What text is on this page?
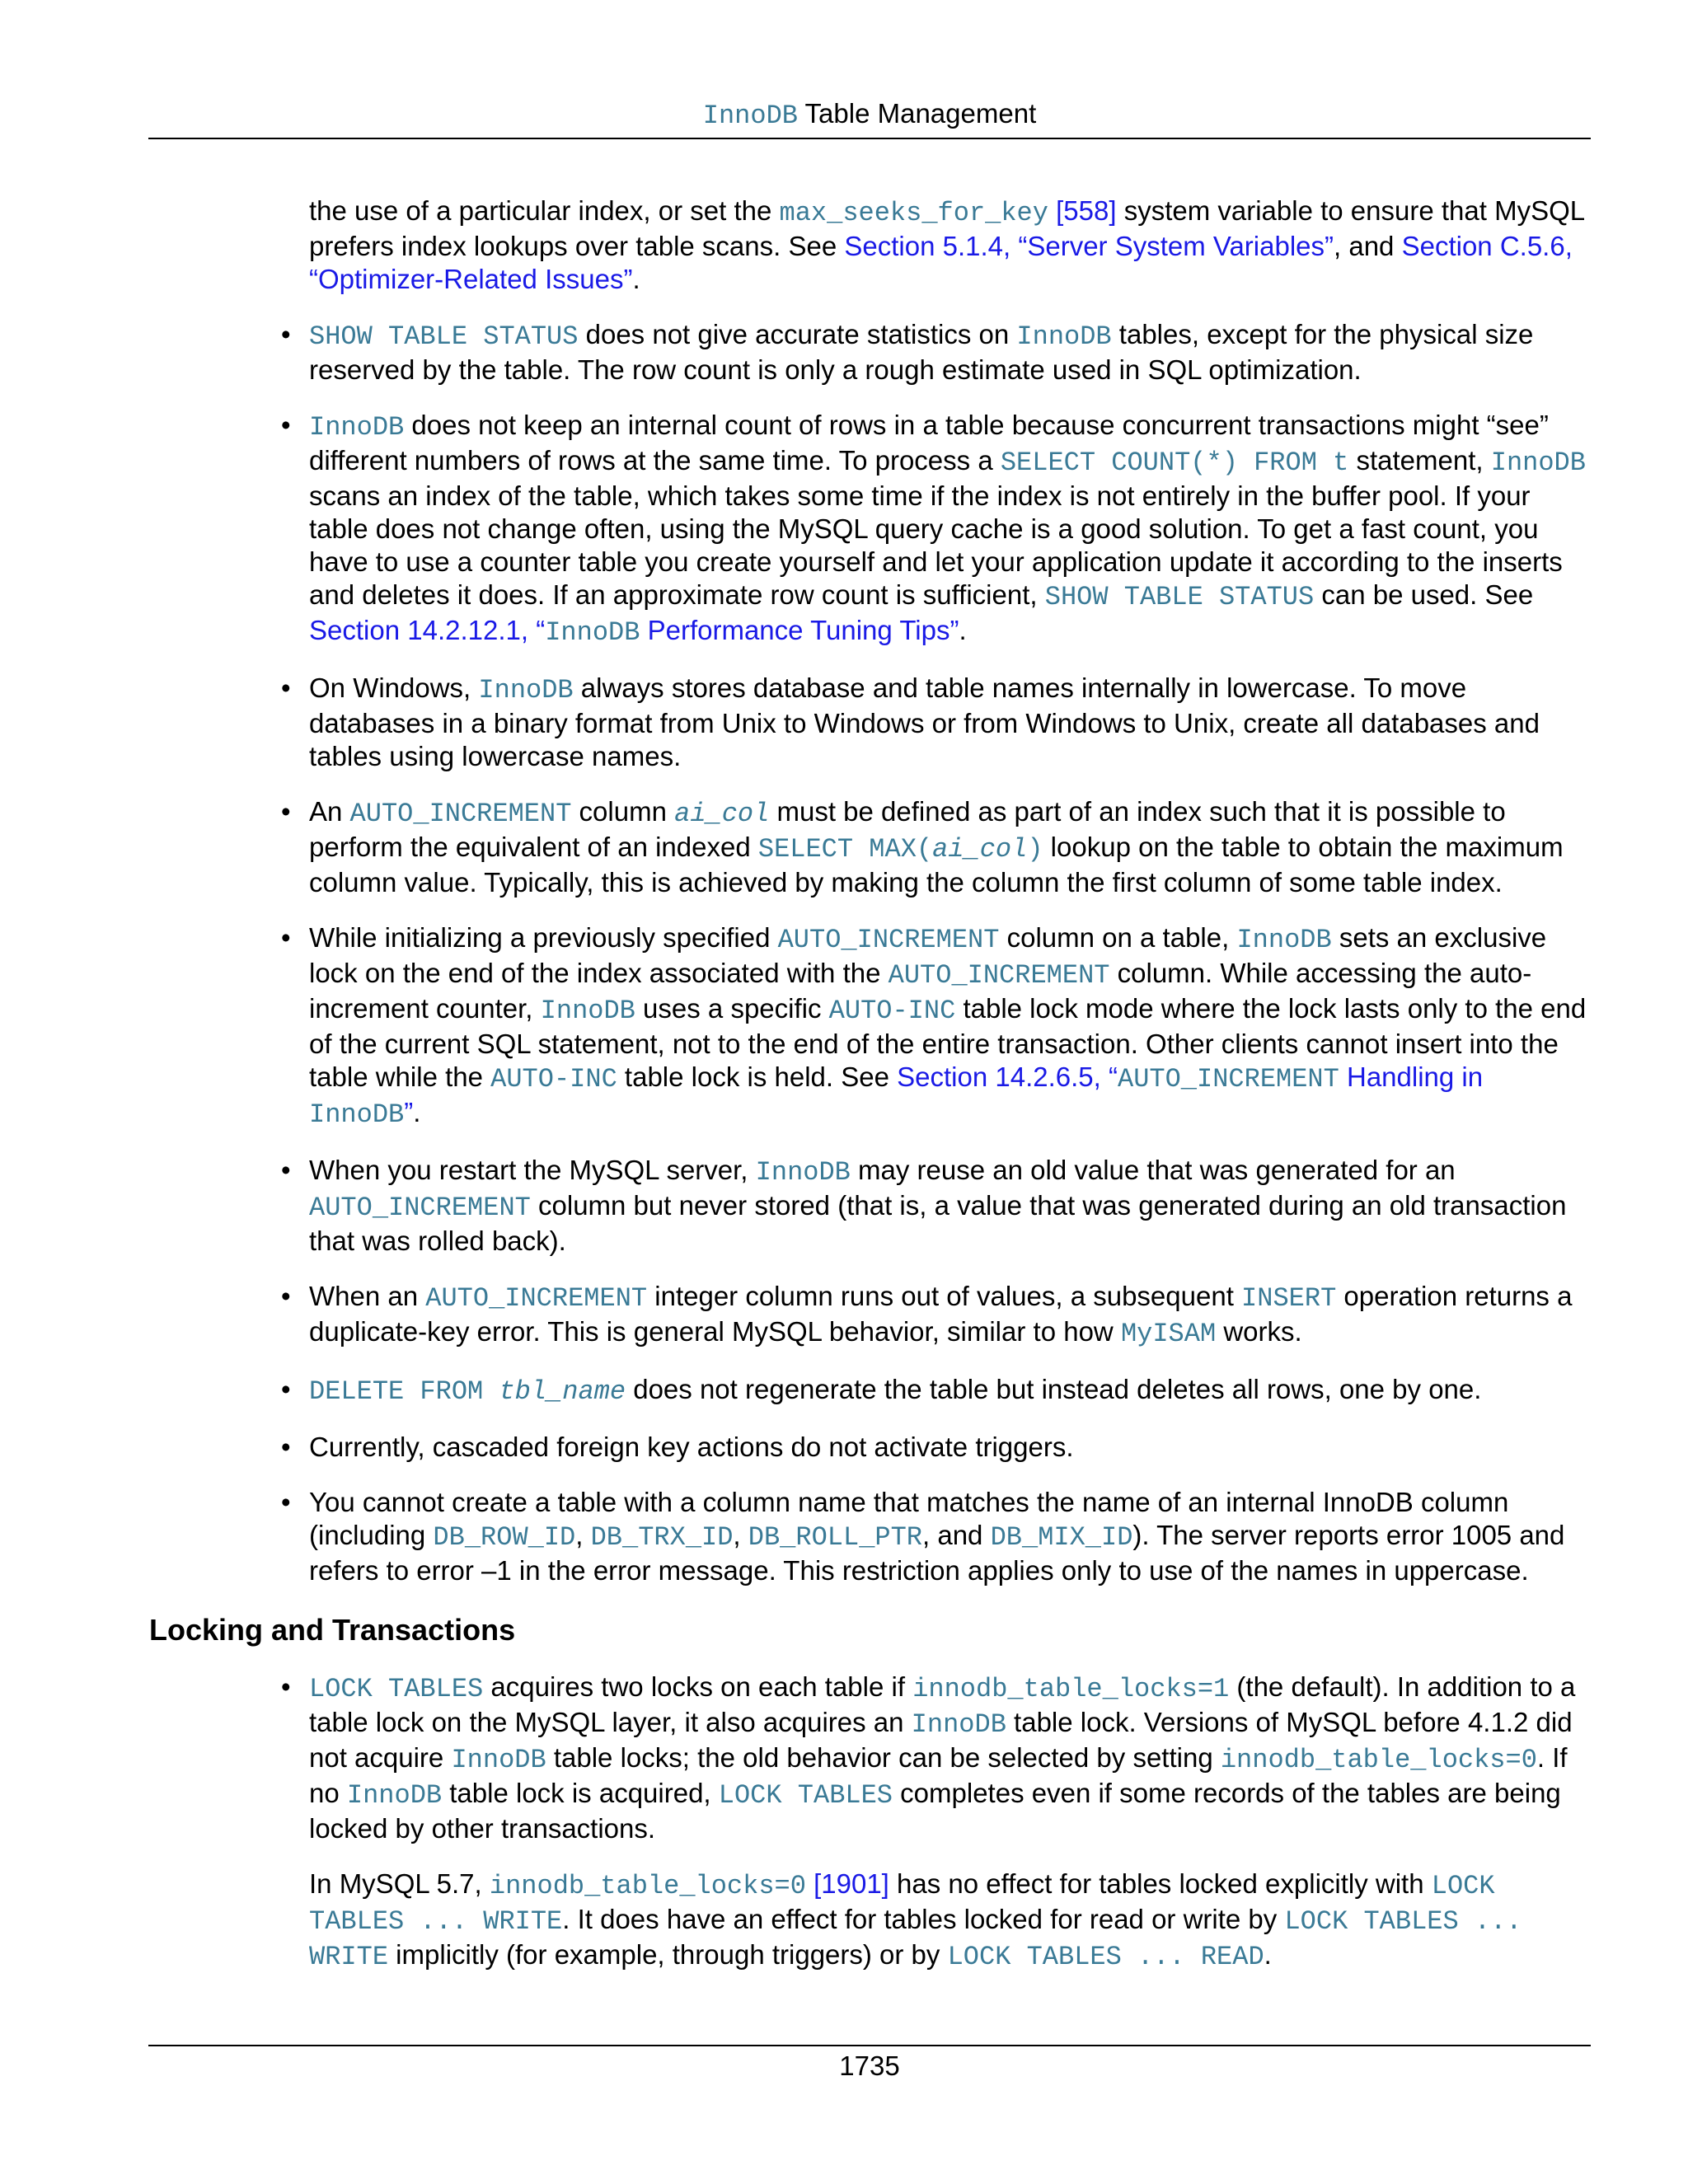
InnoDB Table Management

the use of a particular index, or set the max_seeks_for_key [558] system variable to ensure that MySQL prefers index lookups over table scans. See Section 5.1.4, “Server System Variables”, and Section C.5.6, “Optimizer-Related Issues”.

• SHOW TABLE STATUS does not give accurate statistics on InnoDB tables, except for the physical size reserved by the table. The row count is only a rough estimate used in SQL optimization.
• InnoDB does not keep an internal count of rows in a table because concurrent transactions might “see” different numbers of rows at the same time. To process a SELECT COUNT(*) FROM t statement, InnoDB scans an index of the table, which takes some time if the index is not entirely in the buffer pool. If your table does not change often, using the MySQL query cache is a good solution. To get a fast count, you have to use a counter table you create yourself and let your application update it according to the inserts and deletes it does. If an approximate row count is sufficient, SHOW TABLE STATUS can be used. See Section 14.2.12.1, “InnoDB Performance Tuning Tips”.
• On Windows, InnoDB always stores database and table names internally in lowercase. To move databases in a binary format from Unix to Windows or from Windows to Unix, create all databases and tables using lowercase names.
• An AUTO_INCREMENT column ai_col must be defined as part of an index such that it is possible to perform the equivalent of an indexed SELECT MAX(ai_col) lookup on the table to obtain the maximum column value. Typically, this is achieved by making the column the first column of some table index.
• While initializing a previously specified AUTO_INCREMENT column on a table, InnoDB sets an exclusive lock on the end of the index associated with the AUTO_INCREMENT column. While accessing the auto-increment counter, InnoDB uses a specific AUTO-INC table lock mode where the lock lasts only to the end of the current SQL statement, not to the end of the entire transaction. Other clients cannot insert into the table while the AUTO-INC table lock is held. See Section 14.2.6.5, “AUTO_INCREMENT Handling in InnoDB”.
• When you restart the MySQL server, InnoDB may reuse an old value that was generated for an AUTO_INCREMENT column but never stored (that is, a value that was generated during an old transaction that was rolled back).
• When an AUTO_INCREMENT integer column runs out of values, a subsequent INSERT operation returns a duplicate-key error. This is general MySQL behavior, similar to how MyISAM works.
• DELETE FROM tbl_name does not regenerate the table but instead deletes all rows, one by one.
• Currently, cascaded foreign key actions do not activate triggers.
• You cannot create a table with a column name that matches the name of an internal InnoDB column (including DB_ROW_ID, DB_TRX_ID, DB_ROLL_PTR, and DB_MIX_ID). The server reports error 1005 and refers to error –1 in the error message. This restriction applies only to use of the names in uppercase.
Locking and Transactions
• LOCK TABLES acquires two locks on each table if innodb_table_locks=1 (the default). In addition to a table lock on the MySQL layer, it also acquires an InnoDB table lock. Versions of MySQL before 4.1.2 did not acquire InnoDB table locks; the old behavior can be selected by setting innodb_table_locks=0. If no InnoDB table lock is acquired, LOCK TABLES completes even if some records of the tables are being locked by other transactions.

In MySQL 5.7, innodb_table_locks=0 [1901] has no effect for tables locked explicitly with LOCK TABLES ... WRITE. It does have an effect for tables locked for read or write by LOCK TABLES ... WRITE implicitly (for example, through triggers) or by LOCK TABLES ... READ.

1735
